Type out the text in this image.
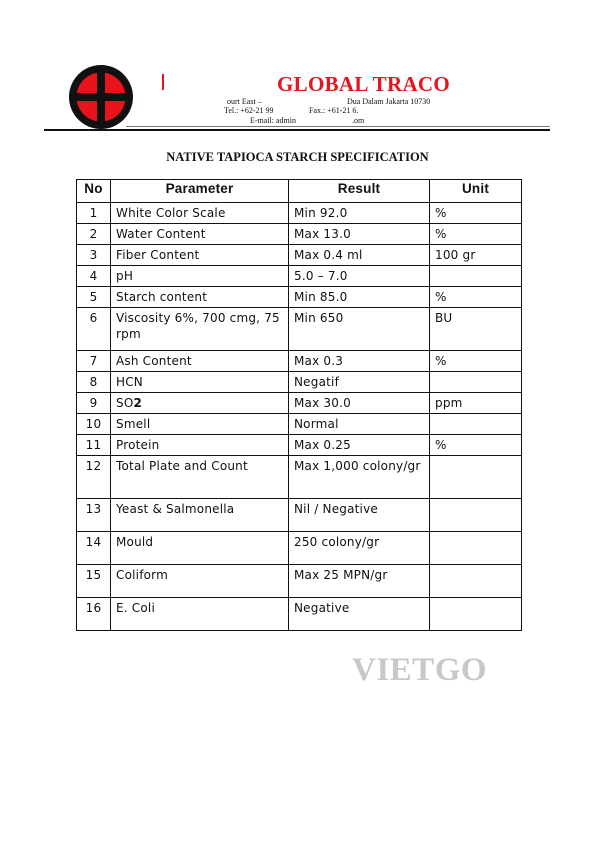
GLOBAL TRACO
ourt East –	Dua Dalam Jakarta 10730
Tel.: +62-21 99	Fax.: +61-21 6.
E-mail: admin	.om
NATIVE TAPIOCA STARCH SPECIFICATION
No	Parameter	Result	Unit
1	White Color Scale	Min 92.0	%
2	Water Content	Max 13.0	%
3	Fiber Content	Max 0.4 ml	100 gr
4	pH	5.0 – 7.0	
5	Starch content	Min 85.0	%
6	Viscosity 6%, 700 cmg, 75 rpm	Min 650	BU
7	Ash Content	Max 0.3	%
8	HCN	Negatif	
9	SO2	Max 30.0	ppm
10	Smell	Normal	
11	Protein	Max 0.25	%
12	Total Plate and Count	Max 1,000 colony/gr	
13	Yeast & Salmonella	Nil / Negative	
14	Mould	250 colony/gr	
15	Coliform	Max 25 MPN/gr	
16	E. Coli	Negative	
VIETGO
